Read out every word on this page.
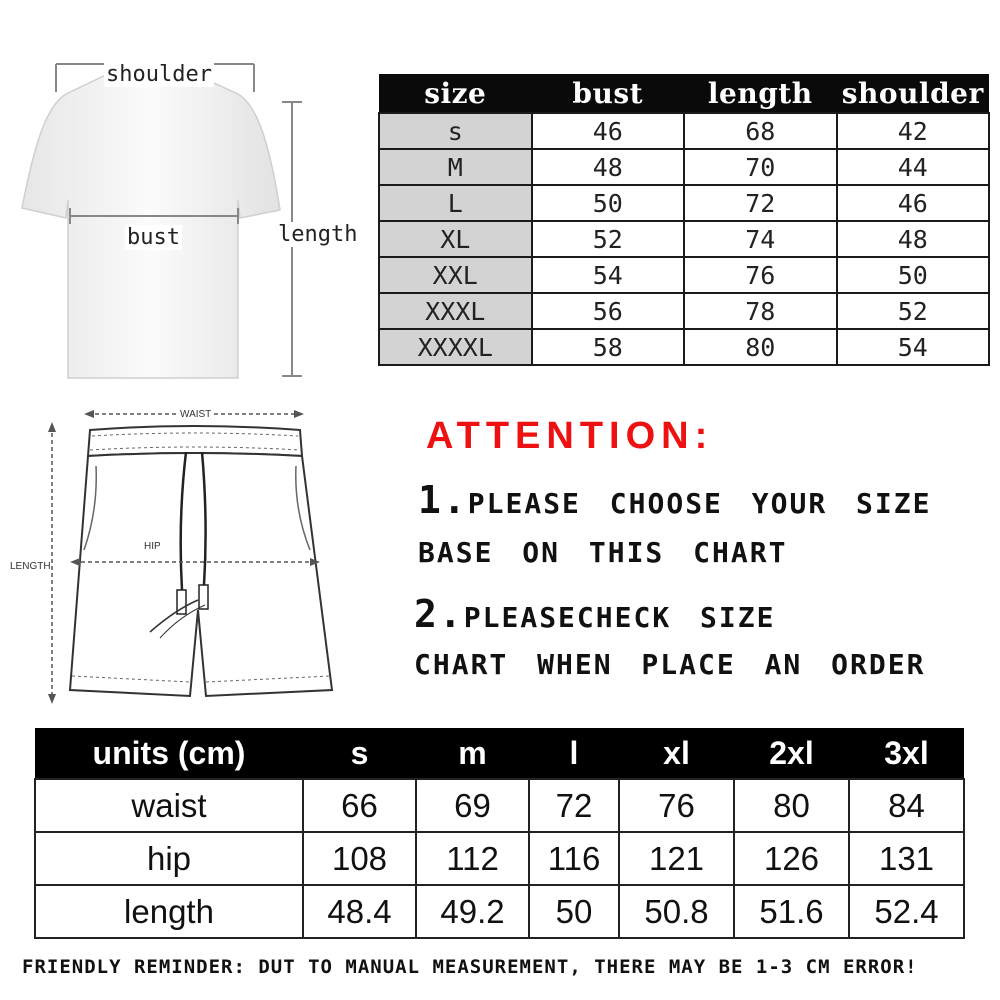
shoulder
bust	length
size	bust	length	shoulder
s	46	68	42
M	48	70	44
L	50	72	46
XL	52	74	48
XXL	54	76	50
XXXL	56	78	52
XXXXL	58	80	54
WAIST
HIP
LENGTH
ATTENTION:
1.PLEASE CHOOSE YOUR SIZE
BASE ON THIS CHART
2.PLEASECHECK SIZE
CHART WHEN PLACE AN ORDER
units (cm)	s	m	l	xl	2xl	3xl
waist	66	69	72	76	80	84
hip	108	112	116	121	126	131
length	48.4	49.2	50	50.8	51.6	52.4
FRIENDLY REMINDER: DUT TO MANUAL MEASUREMENT, THERE MAY BE 1-3 CM ERROR!
